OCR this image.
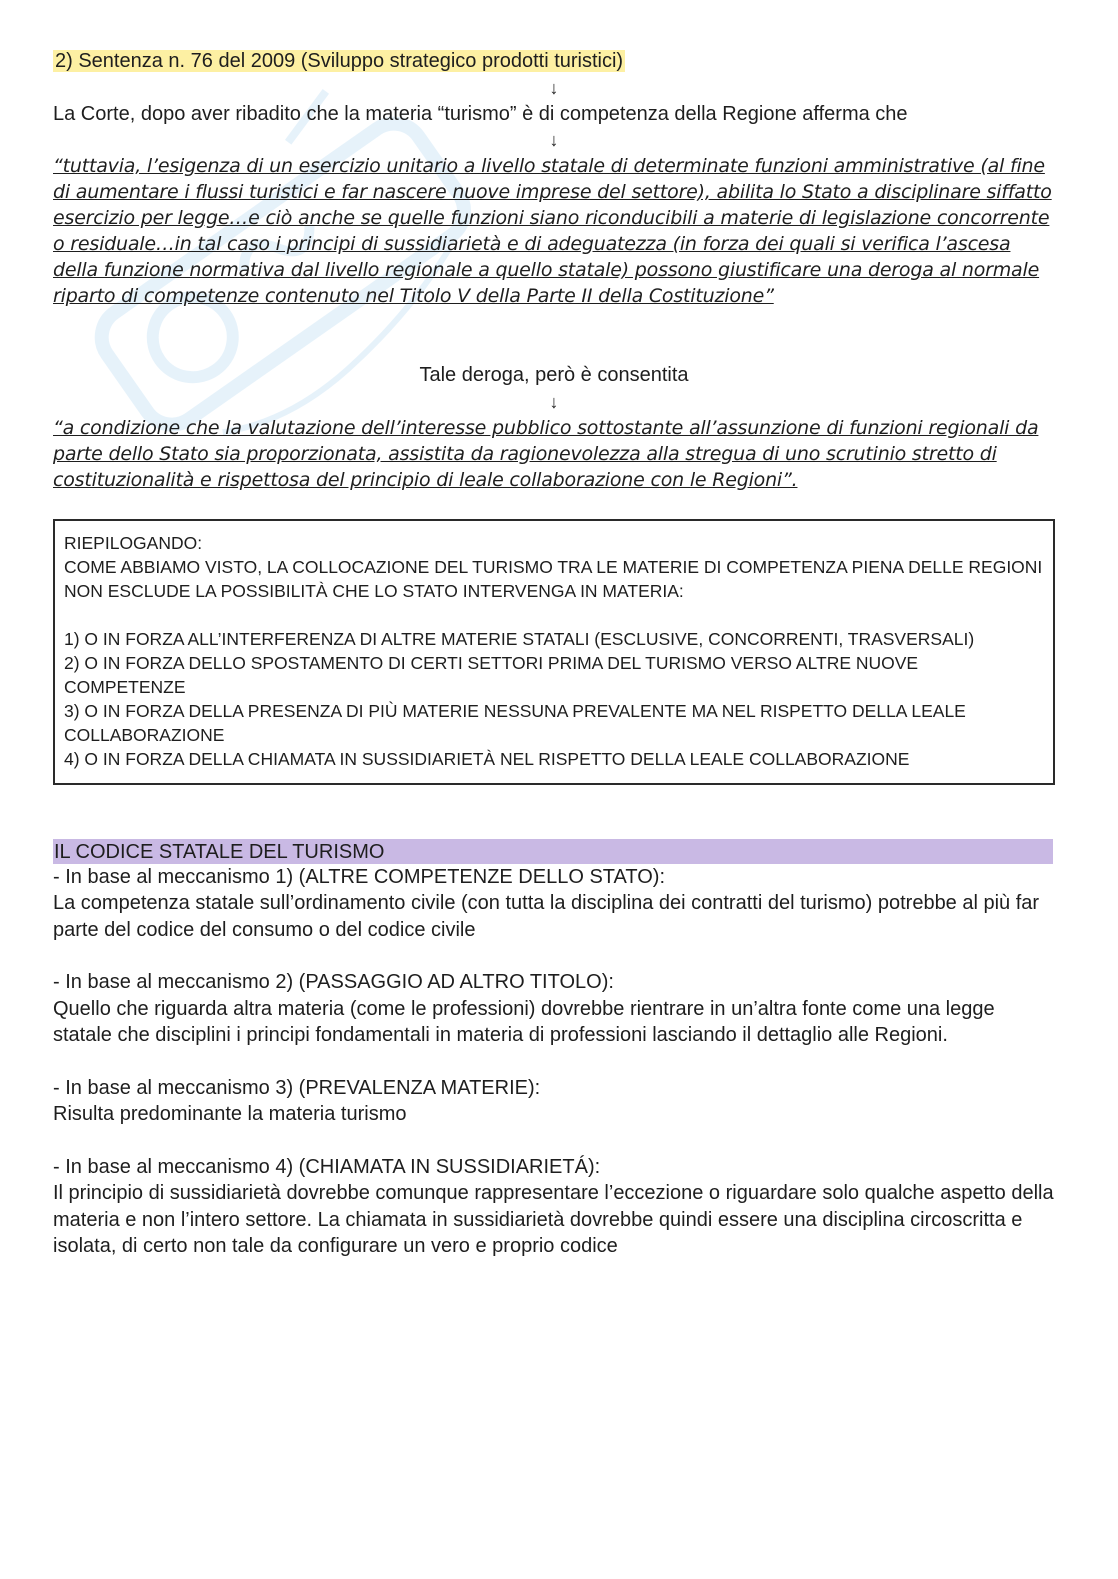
2) Sentenza n. 76 del 2009 (Sviluppo strategico prodotti turistici)

↓

La Corte, dopo aver ribadito che la materia “turismo” è di competenza della Regione afferma che

↓

“tuttavia, l’esigenza di un esercizio unitario a livello statale di determinate funzioni amministrative (al fine di aumentare i flussi turistici e far nascere nuove imprese del settore), abilita lo Stato a disciplinare siffatto esercizio per legge…e ciò anche se quelle funzioni siano riconducibili a materie di legislazione concorrente o residuale…in tal caso i principi di sussidiarietà e di adeguatezza (in forza dei quali si verifica l’ascesa della funzione normativa dal livello regionale a quello statale) possono giustificare una deroga al normale riparto di competenze contenuto nel Titolo V della Parte II della Costituzione”

Tale deroga, però è consentita

↓

“a condizione che la valutazione dell’interesse pubblico sottostante all’assunzione di funzioni regionali da parte dello Stato sia proporzionata, assistita da ragionevolezza alla stregua di uno scrutinio stretto di costituzionalità e rispettosa del principio di leale collaborazione con le Regioni”.

RIEPILOGANDO:

COME ABBIAMO VISTO, LA COLLOCAZIONE DEL TURISMO TRA LE MATERIE DI COMPETENZA PIENA DELLE REGIONI NON ESCLUDE LA POSSIBILITÀ CHE LO STATO INTERVENGA IN MATERIA:

1) O IN FORZA ALL’INTERFERENZA DI ALTRE MATERIE STATALI (ESCLUSIVE, CONCORRENTI, TRASVERSALI)

2) O IN FORZA DELLO SPOSTAMENTO DI CERTI SETTORI PRIMA DEL TURISMO VERSO ALTRE NUOVE COMPETENZE

3) O IN FORZA DELLA PRESENZA DI PIÙ MATERIE NESSUNA PREVALENTE MA NEL RISPETTO DELLA LEALE COLLABORAZIONE

4) O IN FORZA DELLA CHIAMATA IN SUSSIDIARIETÀ NEL RISPETTO DELLA LEALE COLLABORAZIONE

IL CODICE STATALE DEL TURISMO

- In base al meccanismo 1) (ALTRE COMPETENZE DELLO STATO):

La competenza statale sull’ordinamento civile (con tutta la disciplina dei contratti del turismo) potrebbe al più far parte del codice del consumo o del codice civile

- In base al meccanismo 2) (PASSAGGIO AD ALTRO TITOLO):

Quello che riguarda altra materia (come le professioni) dovrebbe rientrare in un’altra fonte come una legge statale che disciplini i principi fondamentali in materia di professioni lasciando il dettaglio alle Regioni.

- In base al meccanismo 3) (PREVALENZA MATERIE):

Risulta predominante la materia turismo

- In base al meccanismo 4) (CHIAMATA IN SUSSIDIARIETÁ):

Il principio di sussidiarietà dovrebbe comunque rappresentare l’eccezione o riguardare solo qualche aspetto della materia e non l’intero settore. La chiamata in sussidiarietà dovrebbe quindi essere una disciplina circoscritta e isolata, di certo non tale da configurare un vero e proprio codice
